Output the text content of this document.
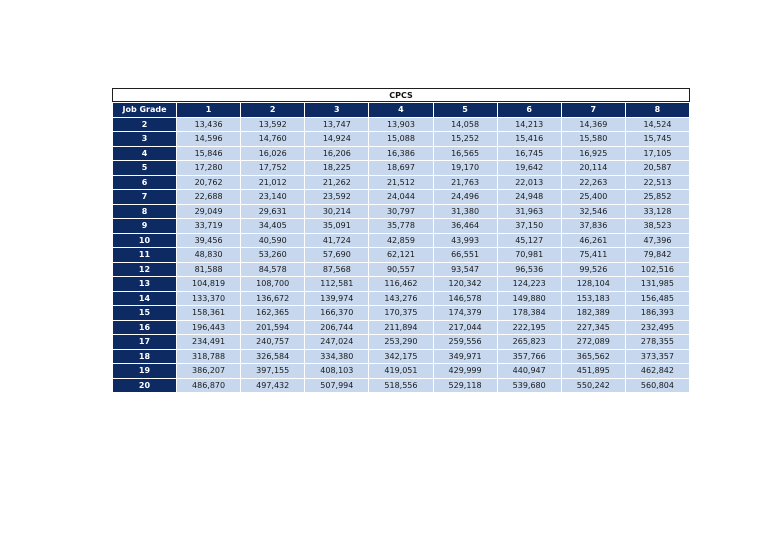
CPCS
Job Grade	1	2	3	4	5	6	7	8
2	13,436	13,592	13,747	13,903	14,058	14,213	14,369	14,524
3	14,596	14,760	14,924	15,088	15,252	15,416	15,580	15,745
4	15,846	16,026	16,206	16,386	16,565	16,745	16,925	17,105
5	17,280	17,752	18,225	18,697	19,170	19,642	20,114	20,587
6	20,762	21,012	21,262	21,512	21,763	22,013	22,263	22,513
7	22,688	23,140	23,592	24,044	24,496	24,948	25,400	25,852
8	29,049	29,631	30,214	30,797	31,380	31,963	32,546	33,128
9	33,719	34,405	35,091	35,778	36,464	37,150	37,836	38,523
10	39,456	40,590	41,724	42,859	43,993	45,127	46,261	47,396
11	48,830	53,260	57,690	62,121	66,551	70,981	75,411	79,842
12	81,588	84,578	87,568	90,557	93,547	96,536	99,526	102,516
13	104,819	108,700	112,581	116,462	120,342	124,223	128,104	131,985
14	133,370	136,672	139,974	143,276	146,578	149,880	153,183	156,485
15	158,361	162,365	166,370	170,375	174,379	178,384	182,389	186,393
16	196,443	201,594	206,744	211,894	217,044	222,195	227,345	232,495
17	234,491	240,757	247,024	253,290	259,556	265,823	272,089	278,355
18	318,788	326,584	334,380	342,175	349,971	357,766	365,562	373,357
19	386,207	397,155	408,103	419,051	429,999	440,947	451,895	462,842
20	486,870	497,432	507,994	518,556	529,118	539,680	550,242	560,804
